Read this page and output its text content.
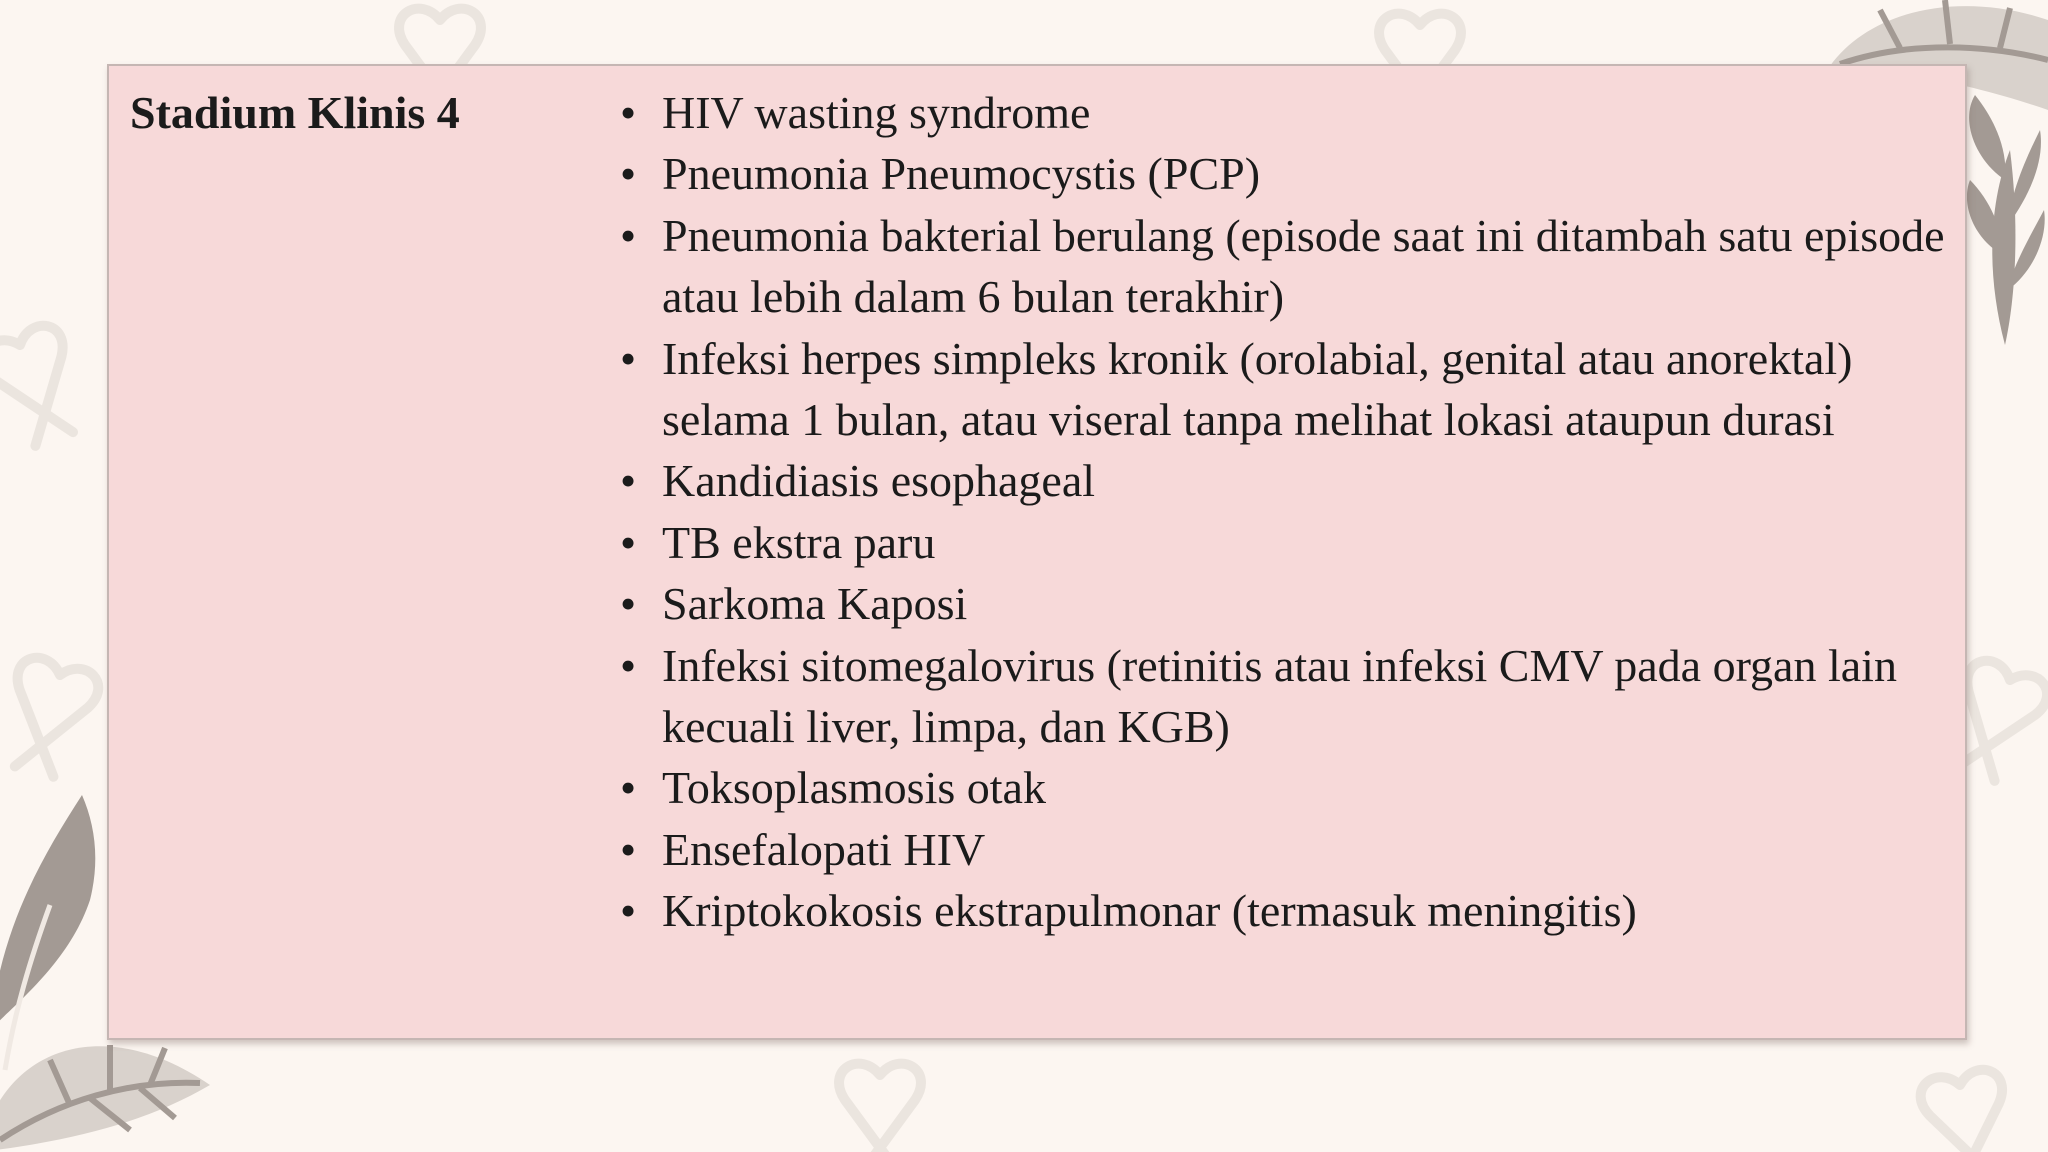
Stadium Klinis 4	• HIV wasting syndrome
• Pneumonia Pneumocystis (PCP)
• Pneumonia bakterial berulang (episode saat ini ditambah satu episode atau lebih dalam 6 bulan terakhir)
• Infeksi herpes simpleks kronik (orolabial, genital atau anorektal) selama 1 bulan, atau viseral tanpa melihat lokasi ataupun durasi
• Kandidiasis esophageal
• TB ekstra paru
• Sarkoma Kaposi
• Infeksi sitomegalovirus (retinitis atau infeksi CMV pada organ lain kecuali liver, limpa, dan KGB)
• Toksoplasmosis otak
• Ensefalopati HIV
• Kriptokokosis ekstrapulmonar (termasuk meningitis)
